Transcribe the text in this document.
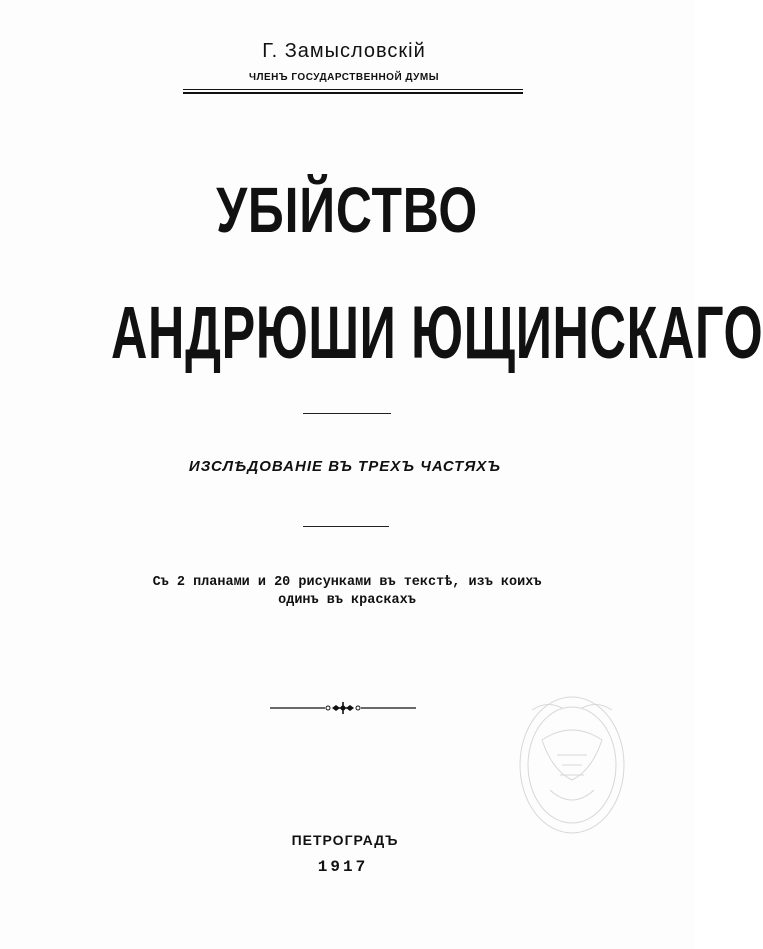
Г. Замысловскій
ЧЛЕНЪ ГОСУДАРСТВЕННОЙ ДУМЫ
УБІЙСТВО
АНДРЮШИ ЮЩИНСКАГО
ИЗСЛѢДОВАНІЕ ВЪ ТРЕХЪ ЧАСТЯХЪ
Съ 2 планами и 20 рисунками въ текстѣ, изъ коихъ
одинъ въ краскахъ
ПЕТРОГРАДЪ
1917
